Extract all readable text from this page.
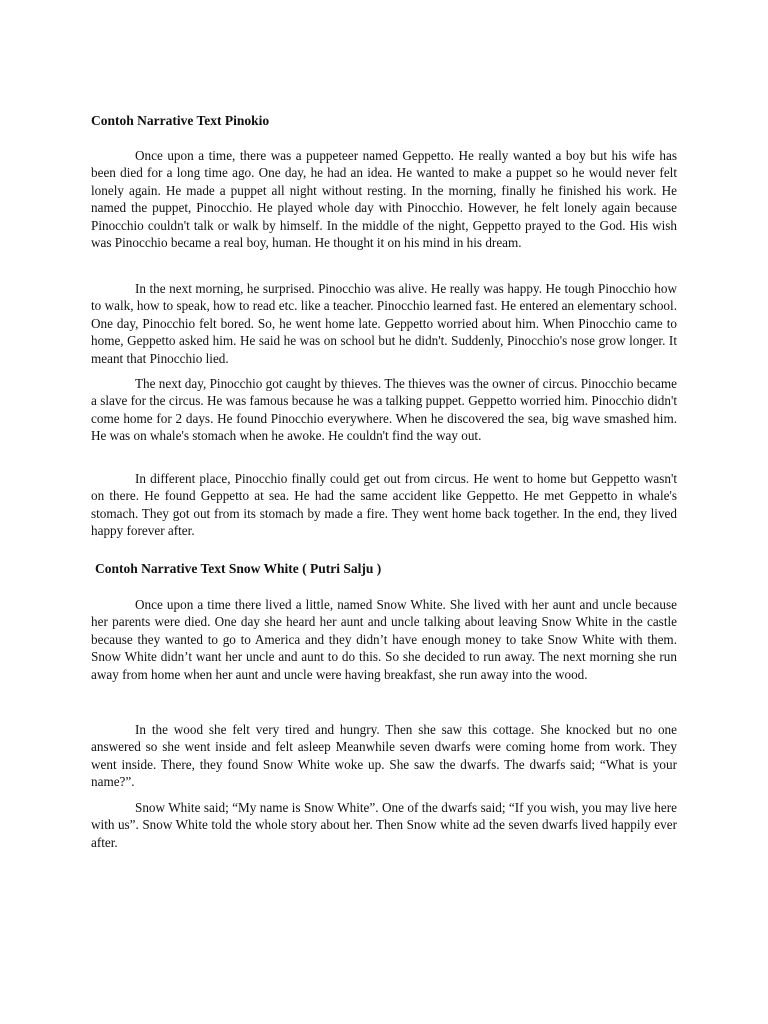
Contoh Narrative Text Pinokio

Once upon a time, there was a puppeteer named Geppetto. He really wanted a boy but his wife has been died for a long time ago. One day, he had an idea. He wanted to make a puppet so he would never felt lonely again. He made a puppet all night without resting. In the morning, finally he finished his work. He named the puppet, Pinocchio. He played whole day with Pinocchio. However, he felt lonely again because Pinocchio couldn't talk or walk by himself. In the middle of the night, Geppetto prayed to the God. His wish was Pinocchio became a real boy, human. He thought it on his mind in his dream.

In the next morning, he surprised. Pinocchio was alive. He really was happy. He tough Pinocchio how to walk, how to speak, how to read etc. like a teacher. Pinocchio learned fast. He entered an elementary school. One day, Pinocchio felt bored. So, he went home late. Geppetto worried about him. When Pinocchio came to home, Geppetto asked him. He said he was on school but he didn't. Suddenly, Pinocchio's nose grow longer. It meant that Pinocchio lied.

The next day, Pinocchio got caught by thieves. The thieves was the owner of circus. Pinocchio became a slave for the circus. He was famous because he was a talking puppet. Geppetto worried him. Pinocchio didn't come home for 2 days. He found Pinocchio everywhere. When he discovered the sea, big wave smashed him. He was on whale's stomach when he awoke. He couldn't find the way out.

In different place, Pinocchio finally could get out from circus. He went to home but Geppetto wasn't on there. He found Geppetto at sea. He had the same accident like Geppetto. He met Geppetto in whale's stomach. They got out from its stomach by made a fire. They went home back together. In the end, they lived happy forever after.

Contoh Narrative Text Snow White ( Putri Salju )

Once upon a time there lived a little, named Snow White. She lived with her aunt and uncle because her parents were died. One day she heard her aunt and uncle talking about leaving Snow White in the castle because they wanted to go to America and they didn’t have enough money to take Snow White with them. Snow White didn’t want her uncle and aunt to do this. So she decided to run away. The next morning she run away from home when her aunt and uncle were having breakfast, she run away into the wood.

In the wood she felt very tired and hungry. Then she saw this cottage. She knocked but no one answered so she went inside and felt asleep Meanwhile seven dwarfs were coming home from work. They went inside. There, they found Snow White woke up. She saw the dwarfs. The dwarfs said; “What is your name?”.

Snow White said; “My name is Snow White”. One of the dwarfs said; “If you wish, you may live here with us”. Snow White told the whole story about her. Then Snow white ad the seven dwarfs lived happily ever after.
